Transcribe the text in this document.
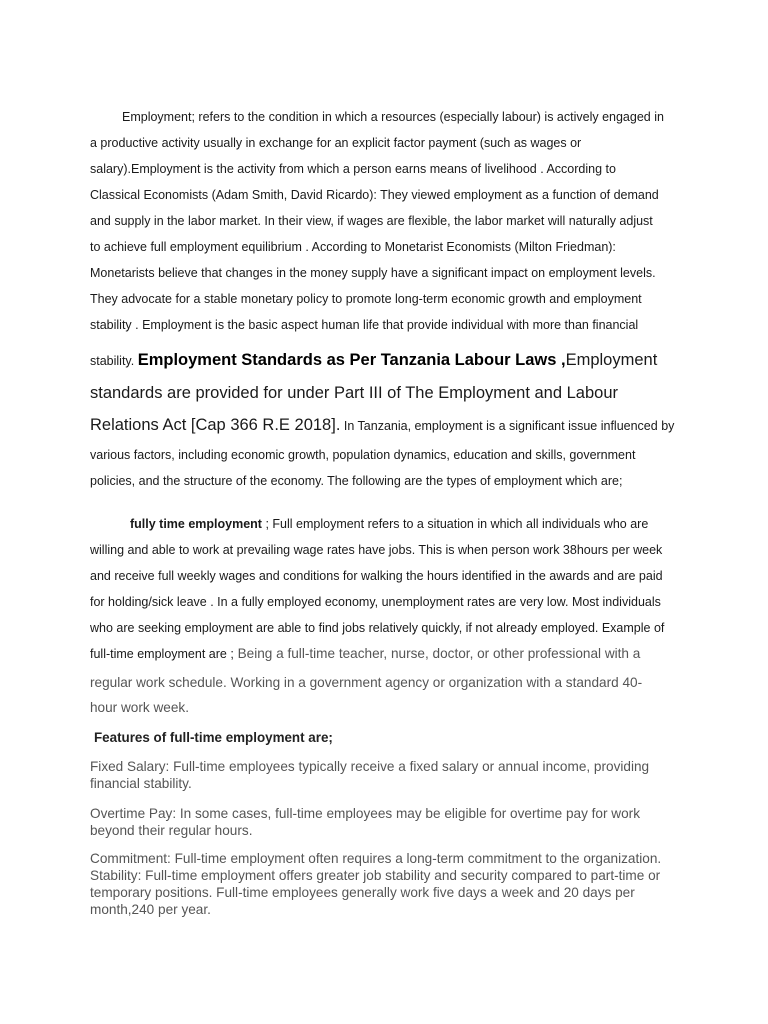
Employment; refers to the condition in which a resources (especially labour) is actively engaged in
a productive activity usually in exchange for an explicit factor payment (such as wages or
salary).Employment is the activity from which a person earns means of livelihood . According to
Classical Economists (Adam Smith, David Ricardo): They viewed employment as a function of demand
and supply in the labor market. In their view, if wages are flexible, the labor market will naturally adjust
to achieve full employment equilibrium . According to Monetarist Economists (Milton Friedman):
Monetarists believe that changes in the money supply have a significant impact on employment levels.
They advocate for a stable monetary policy to promote long-term economic growth and employment
stability . Employment is the basic aspect human life that provide individual with more than financial
stability. Employment Standards as Per Tanzania Labour Laws ,Employment
standards are provided for under Part III of The Employment and Labour
Relations Act [Cap 366 R.E 2018]. In Tanzania, employment is a significant issue influenced by
various factors, including economic growth, population dynamics, education and skills, government
policies, and the structure of the economy. The following are the types of employment which are;
fully time employment ; Full employment refers to a situation in which all individuals who are
willing and able to work at prevailing wage rates have jobs. This is when person work 38hours per week
and receive full weekly wages and conditions for walking the hours identified in the awards and are paid
for holding/sick leave . In a fully employed economy, unemployment rates are very low. Most individuals
who are seeking employment are able to find jobs relatively quickly, if not already employed. Example of
full-time employment are ; Being a full-time teacher, nurse, doctor, or other professional with a
regular work schedule. Working in a government agency or organization with a standard 40-
hour work week.
Features of full-time employment are;
Fixed Salary: Full-time employees typically receive a fixed salary or annual income, providing
financial stability.
Overtime Pay: In some cases, full-time employees may be eligible for overtime pay for work
beyond their regular hours.
Commitment: Full-time employment often requires a long-term commitment to the organization.
Stability: Full-time employment offers greater job stability and security compared to part-time or
temporary positions. Full-time employees generally work five days a week and 20 days per
month,240 per year.
